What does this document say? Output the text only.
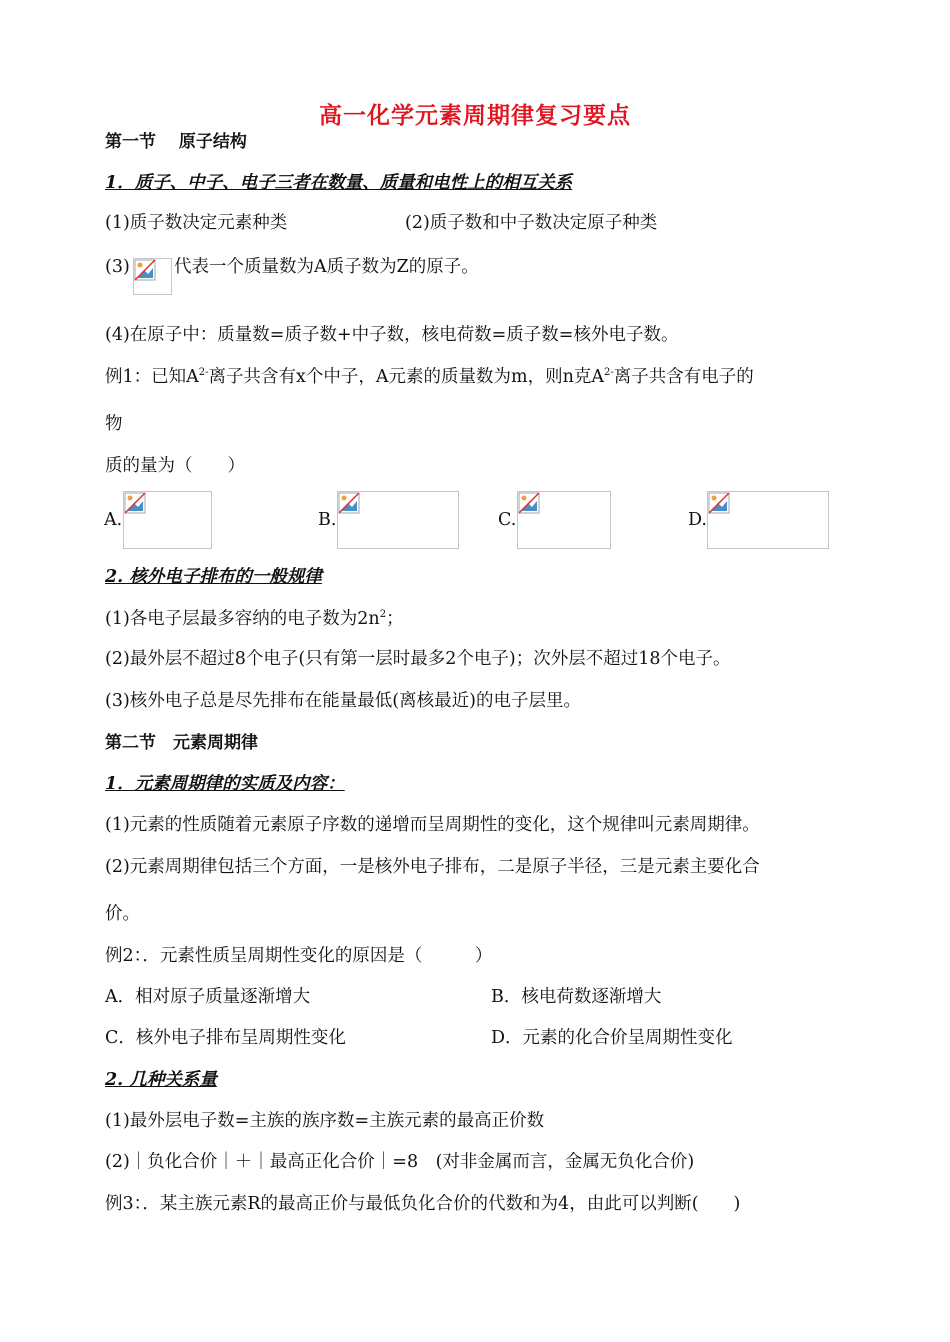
高一化学元素周期律复习要点
第一节　 原子结构
1．质子、中子、电子三者在数量、质量和电性上的相互关系
(1)质子数决定元素种类	(2)质子数和中子数决定原子种类
(3)	代表一个质量数为A质子数为Z的原子。
(4)在原子中：质量数=质子数+中子数，核电荷数=质子数=核外电子数。
例1：已知$A^{2-}$离子共含有x个中子，A元素的质量数为m，则n克$A^{2-}$离子共含有电子的
物
质的量为（　　）
A.	B.	C.	D.
2. 核外电子排布的一般规律
(1)各电子层最多容纳的电子数为$2n^2$；
(2)最外层不超过8个电子(只有第一层时最多2个电子)；次外层不超过18个电子。
(3)核外电子总是尽先排布在能量最低(离核最近)的电子层里。
第二节　元素周期律
1．元素周期律的实质及内容：
(1)元素的性质随着元素原子序数的递增而呈周期性的变化，这个规律叫元素周期律。
(2)元素周期律包括三个方面，一是核外电子排布，二是原子半径，三是元素主要化合
价。
例2：．元素性质呈周期性变化的原因是（　　　）
A．相对原子质量逐渐增大	B．核电荷数逐渐增大
C．核外电子排布呈周期性变化	D．元素的化合价呈周期性变化
2. 几种关系量
(1)最外层电子数=主族的族序数=主族元素的最高正价数
(2)｜负化合价｜＋｜最高正化合价｜=8　(对非金属而言，金属无负化合价)
例3：．某主族元素R的最高正价与最低负化合价的代数和为4，由此可以判断(　　)
